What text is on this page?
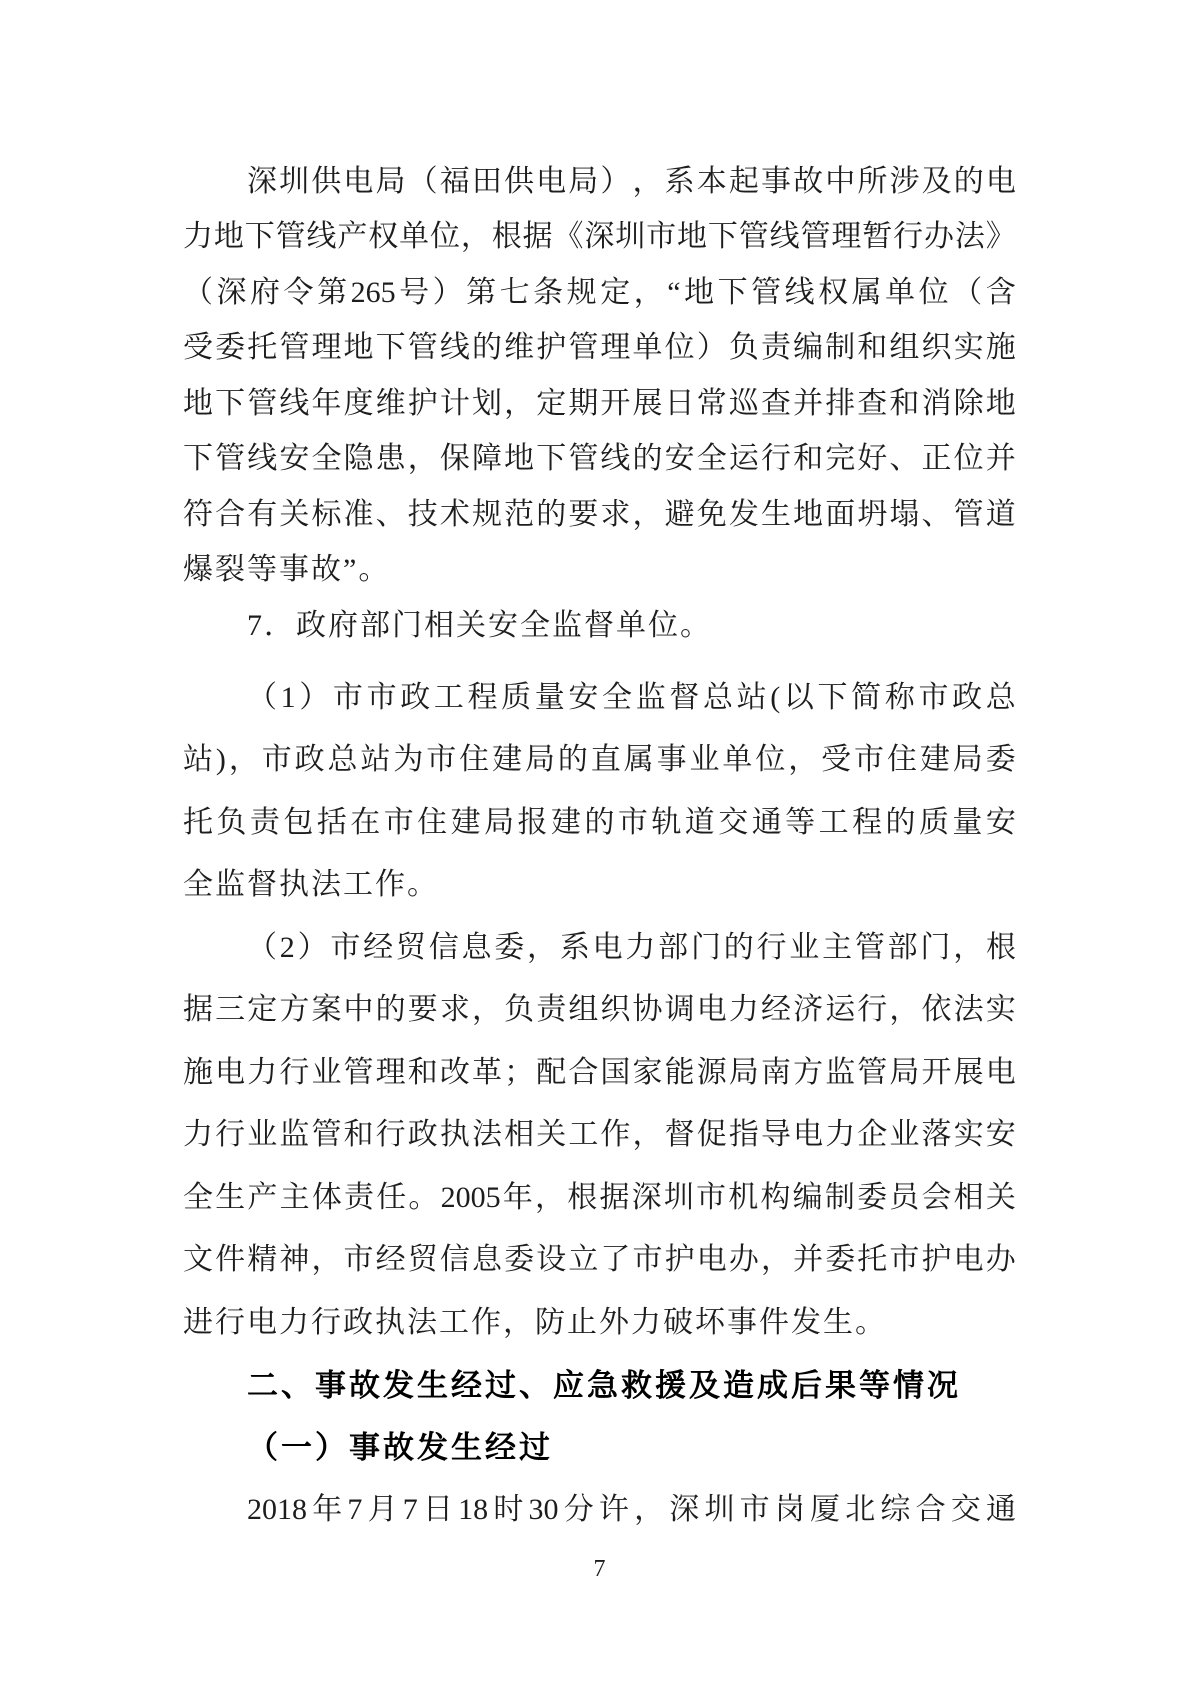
深 圳 供 电 局 （ 福 田 供 电 局 ） ， 系 本 起 事 故 中 所 涉 及 的 电
力 地 下 管 线 产 权 单 位 ， 根 据 《 深 圳 市 地 下 管 线 管 理 暂 行 办 法 》
（ 深 府 令 第 265 号 ） 第 七 条 规 定 ， “ 地 下 管 线 权 属 单 位 （ 含
受 委 托 管 理 地 下 管 线 的 维 护 管 理 单 位 ） 负 责 编 制 和 组 织 实 施
地 下 管 线 年 度 维 护 计 划 ， 定 期 开 展 日 常 巡 查 并 排 查 和 消 除 地
下 管 线 安 全 隐 患 ， 保 障 地 下 管 线 的 安 全 运 行 和 完 好 、 正 位 并
符 合 有 关 标 准 、 技 术 规 范 的 要 求 ， 避 免 发 生 地 面 坍 塌 、 管 道
爆裂等事故”。
7．政府部门相关安全监督单位。
（ 1 ） 市 市 政 工 程 质 量 安 全 监 督 总 站 ( 以 下 简 称 市 政 总
站 ) ， 市 政 总 站 为 市 住 建 局 的 直 属 事 业 单 位 ， 受 市 住 建 局 委
托 负 责 包 括 在 市 住 建 局 报 建 的 市 轨 道 交 通 等 工 程 的 质 量 安
全监督执法工作。
（ 2 ） 市 经 贸 信 息 委 ， 系 电 力 部 门 的 行 业 主 管 部 门 ， 根
据 三 定 方 案 中 的 要 求 ， 负 责 组 织 协 调 电 力 经 济 运 行 ， 依 法 实
施 电 力 行 业 管 理 和 改 革 ； 配 合 国 家 能 源 局 南 方 监 管 局 开 展 电
力 行 业 监 管 和 行 政 执 法 相 关 工 作 ， 督 促 指 导 电 力 企 业 落 实 安
全 生 产 主 体 责 任 。 2005 年 ， 根 据 深 圳 市 机 构 编 制 委 员 会 相 关
文 件 精 神 ， 市 经 贸 信 息 委 设 立 了 市 护 电 办 ， 并 委 托 市 护 电 办
进行电力行政执法工作，防止外力破坏事件发生。
二、事故发生经过、应急救援及造成后果等情况
（一）事故发生经过
2018 年 7 月 7 日 18 时 30 分 许 ， 深 圳 市 岗 厦 北 综 合 交 通
7
